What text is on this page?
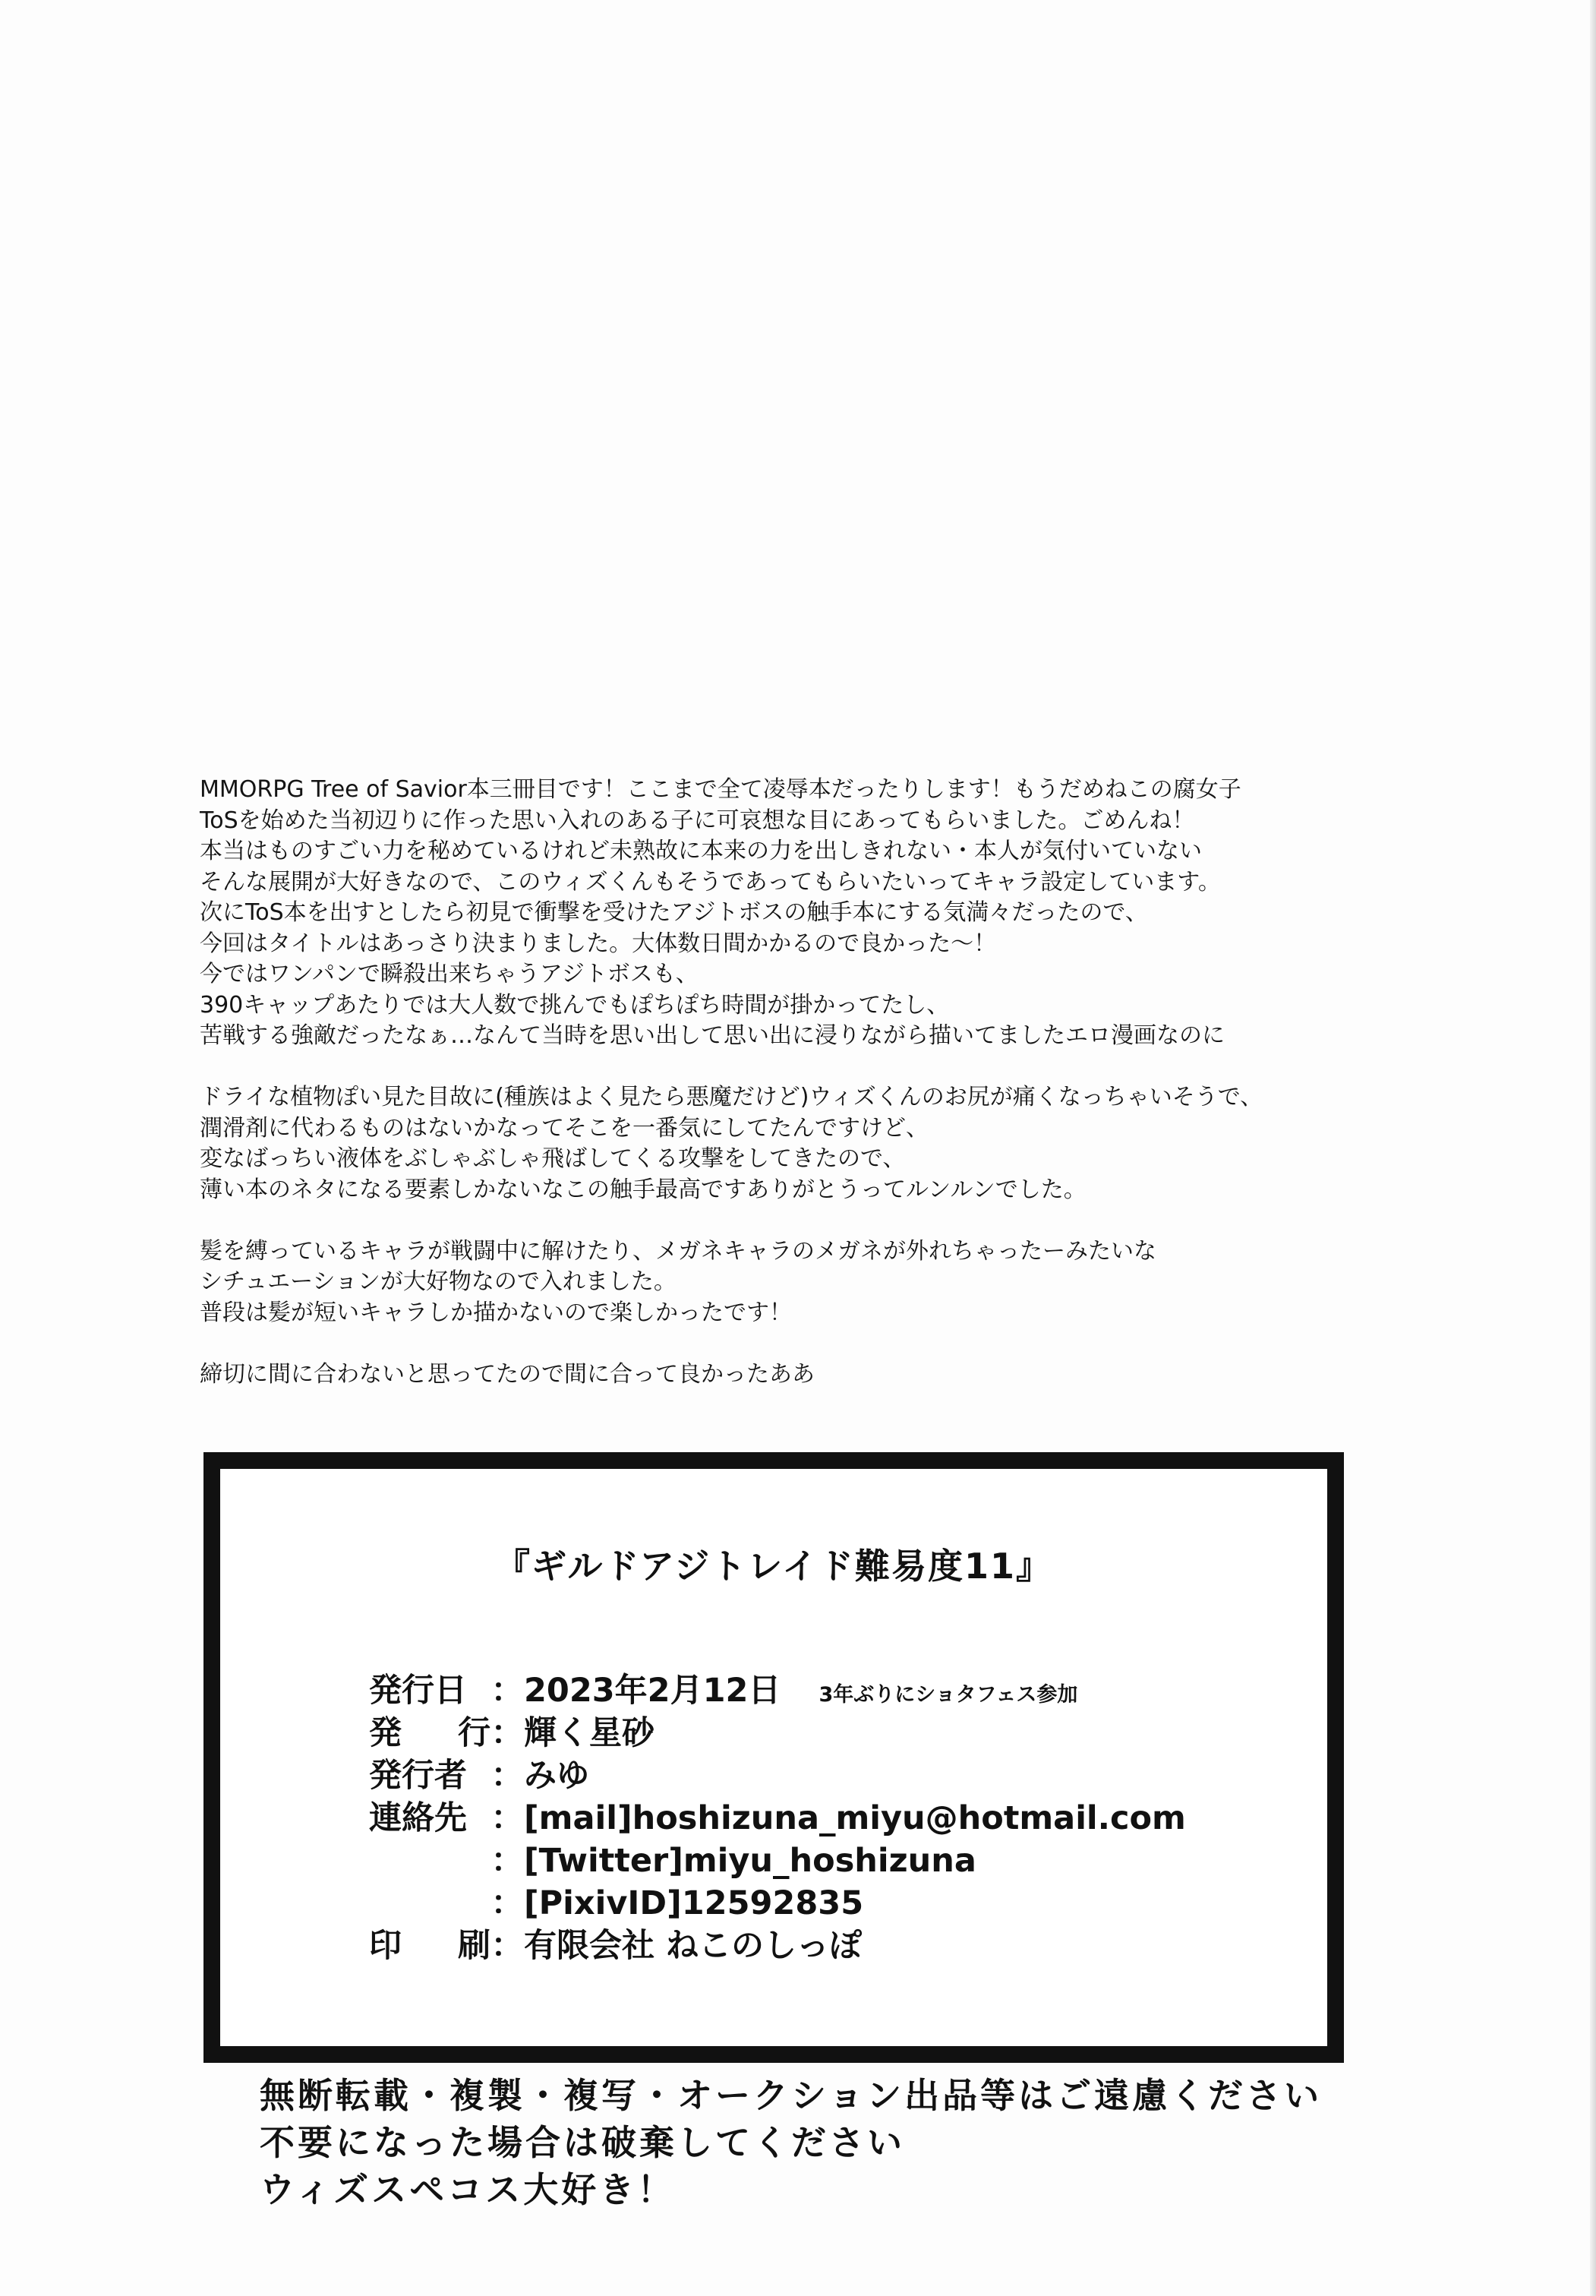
MMORPG Tree of Savior本三冊目です！ここまで全て凌辱本だったりします！もうだめねこの腐女子
ToSを始めた当初辺りに作った思い入れのある子に可哀想な目にあってもらいました。ごめんね！
本当はものすごい力を秘めているけれど未熟故に本来の力を出しきれない・本人が気付いていない
そんな展開が大好きなので、このウィズくんもそうであってもらいたいってキャラ設定しています。
次にToS本を出すとしたら初見で衝撃を受けたアジトボスの触手本にする気満々だったので、
今回はタイトルはあっさり決まりました。大体数日間かかるので良かった～！
今ではワンパンで瞬殺出来ちゃうアジトボスも、
390キャップあたりでは大人数で挑んでもぽちぽち時間が掛かってたし、
苦戦する強敵だったなぁ…なんて当時を思い出して思い出に浸りながら描いてましたエロ漫画なのに
ドライな植物ぽい見た目故に(種族はよく見たら悪魔だけど)ウィズくんのお尻が痛くなっちゃいそうで、
潤滑剤に代わるものはないかなってそこを一番気にしてたんですけど、
変なばっちい液体をぶしゃぶしゃ飛ばしてくる攻撃をしてきたので、
薄い本のネタになる要素しかないなこの触手最高ですありがとうってルンルンでした。
髪を縛っているキャラが戦闘中に解けたり、メガネキャラのメガネが外れちゃったーみたいな
シチュエーションが大好物なので入れました。
普段は髪が短いキャラしか描かないので楽しかったです！
締切に間に合わないと思ってたので間に合って良かったああ
『ギルドアジトレイド難易度11』
発行日 ： 2023年2月12日 3年ぶりにショタフェス参加
発行 ： 輝く星砂
発行者 ： みゆ
連絡先 ： [mail]hoshizuna_miyu@hotmail.com
： [Twitter]miyu_hoshizuna
： [PixivID]12592835
印刷 ： 有限会社 ねこのしっぽ
無断転載・複製・複写・オークション出品等はご遠慮ください
不要になった場合は破棄してください
ウィズスペコス大好き！
